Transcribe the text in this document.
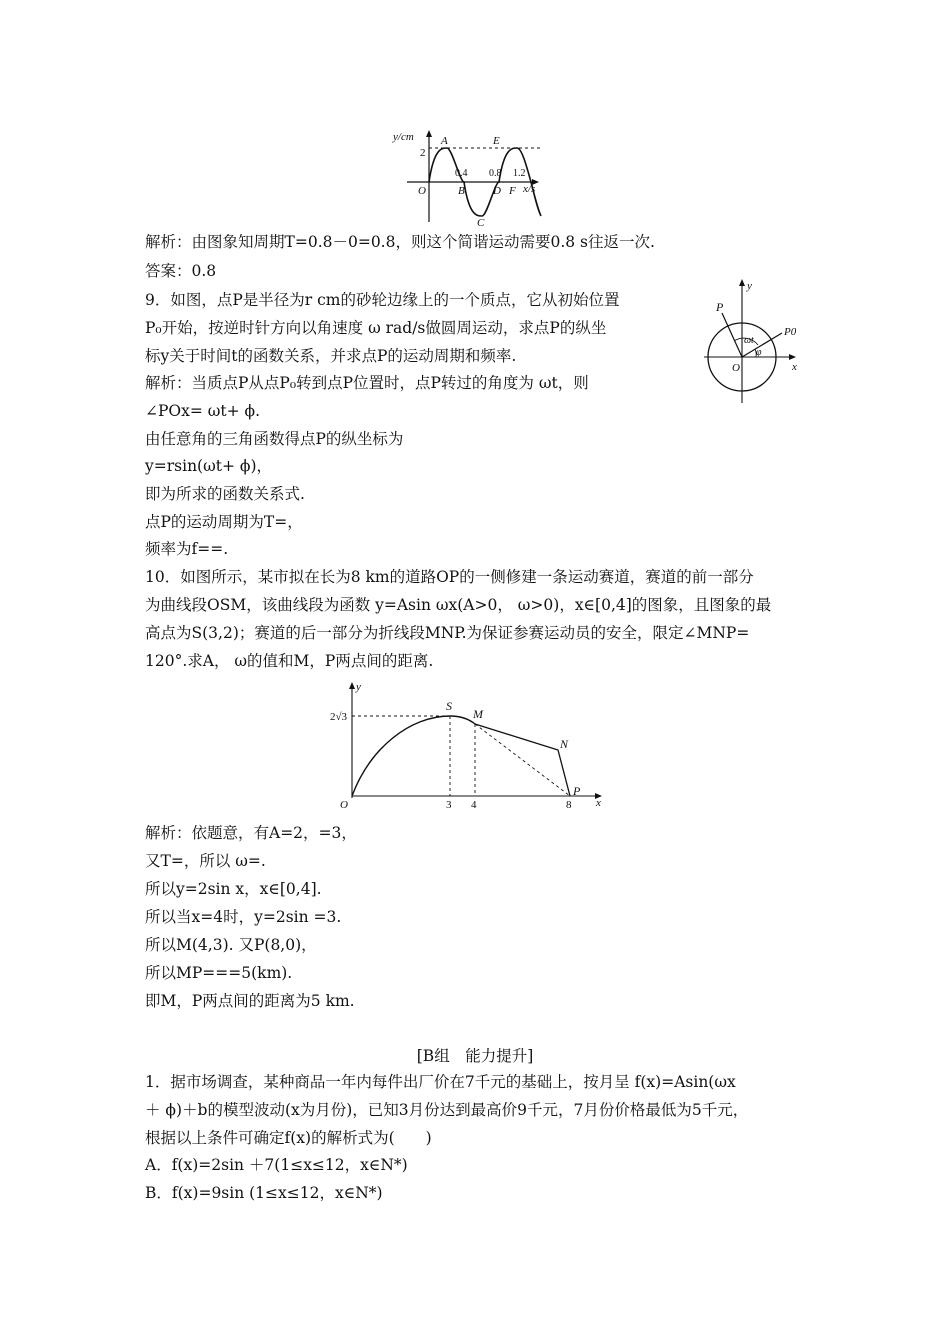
y/cm
2
A	E
O
0.4 0.8 1.2
B	D F x/s
C
y
x
O
P
P0
ωt
φ
y
x
O
2√3
3 4	8
S
M
N
P
解析：由图象知周期T=0.8－0=0.8，则这个简谐运动需要0.8 s往返一次.
答案：0.8
9．如图，点P是半径为r cm的砂轮边缘上的一个质点，它从初始位置
P₀开始，按逆时针方向以角速度 ω rad/s做圆周运动，求点P的纵坐
标y关于时间t的函数关系，并求点P的运动周期和频率.
解析：当质点P从点P₀转到点P位置时，点P转过的角度为 ωt，则
∠POx= ωt+ ϕ.
由任意角的三角函数得点P的纵坐标为
y=rsin(ωt+ ϕ)，
即为所求的函数关系式.
点P的运动周期为T=，
频率为f==.
10．如图所示，某市拟在长为8 km的道路OP的一侧修建一条运动赛道，赛道的前一部分
为曲线段OSM，该曲线段为函数 y=Asin ωx(A>0， ω>0)，x∈[0,4]的图象，且图象的最
高点为S(3,2)；赛道的后一部分为折线段MNP.为保证参赛运动员的安全，限定∠MNP=
120°.求A， ω的值和M，P两点间的距离.
解析：依题意，有A=2，=3，
又T=，所以 ω=.
所以y=2sin x，x∈[0,4].
所以当x=4时，y=2sin =3.
所以M(4,3). 又P(8,0)，
所以MP===5(km).
即M，P两点间的距离为5 km.
[B组　能力提升]
1．据市场调查，某种商品一年内每件出厂价在7千元的基础上，按月呈 f(x)=Asin(ωx
＋ ϕ)＋b的模型波动(x为月份)，已知3月份达到最高价9千元，7月份价格最低为5千元，
根据以上条件可确定f(x)的解析式为(　　)
A．f(x)=2sin ＋7(1≤x≤12，x∈N*)
B．f(x)=9sin (1≤x≤12，x∈N*)
